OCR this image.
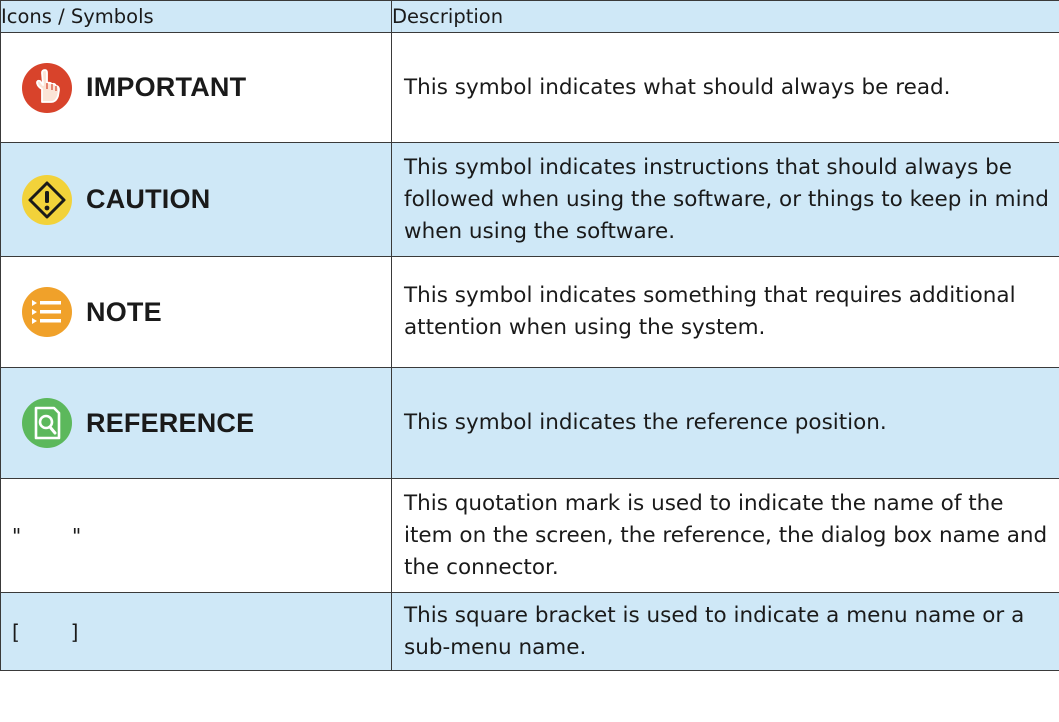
Icons / Symbols	Description

IMPORTANT	This symbol indicates what should always be read.

CAUTION	This symbol indicates instructions that should always be followed when using the software, or things to keep in mind when using the software.

NOTE	This symbol indicates something that requires additional attention when using the system.

REFERENCE	This symbol indicates the reference position.
"        "	This quotation mark is used to indicate the name of the item on the screen, the reference, the dialog box name and the connector.
[        ]	This square bracket is used to indicate a menu name or a sub-menu name.
